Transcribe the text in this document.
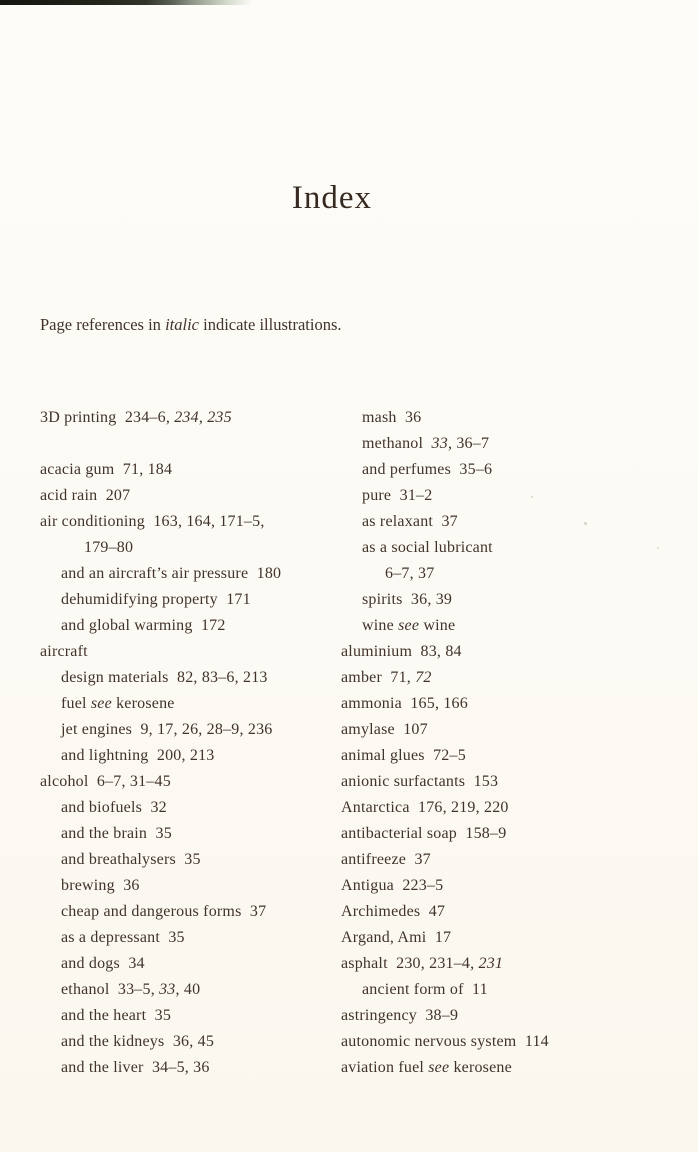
Index

Page references in italic indicate illustrations.

3D printing  234–6, 234, 235
acacia gum  71, 184
acid rain  207
air conditioning  163, 164, 171–5,
179–80
and an aircraft’s air pressure  180
dehumidifying property  171
and global warming  172
aircraft
design materials  82, 83–6, 213
fuel see kerosene
jet engines  9, 17, 26, 28–9, 236
and lightning  200, 213
alcohol  6–7, 31–45
and biofuels  32
and the brain  35
and breathalysers  35
brewing  36
cheap and dangerous forms  37
as a depressant  35
and dogs  34
ethanol  33–5, 33, 40
and the heart  35
and the kidneys  36, 45
and the liver  34–5, 36
mash  36
methanol  33, 36–7
and perfumes  35–6
pure  31–2
as relaxant  37
as a social lubricant
6–7, 37
spirits  36, 39
wine see wine
aluminium  83, 84
amber  71, 72
ammonia  165, 166
amylase  107
animal glues  72–5
anionic surfactants  153
Antarctica  176, 219, 220
antibacterial soap  158–9
antifreeze  37
Antigua  223–5
Archimedes  47
Argand, Ami  17
asphalt  230, 231–4, 231
ancient form of  11
astringency  38–9
autonomic nervous system  114
aviation fuel see kerosene
